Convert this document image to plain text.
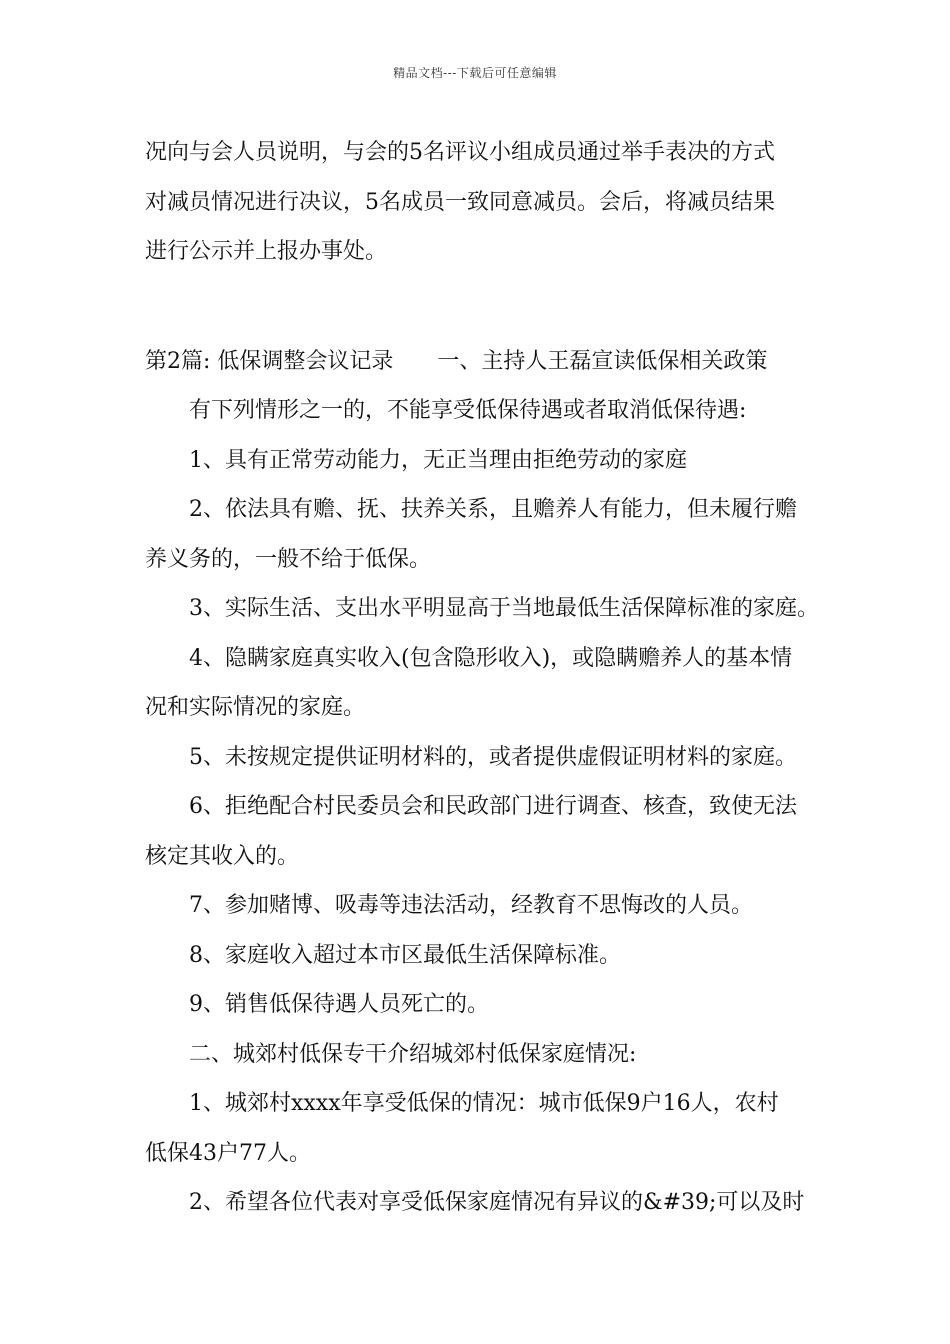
精品文档---下载后可任意编辑

况向与会人员说明，与会的5名评议小组成员通过举手表决的方式

对减员情况进行决议，5名成员一致同意减员。会后，将减员结果

进行公示并上报办事处。

第2篇: 低保调整会议记录 一、主持人王磊宣读低保相关政策

有下列情形之一的，不能享受低保待遇或者取消低保待遇:

1、具有正常劳动能力，无正当理由拒绝劳动的家庭

2、依法具有赡、抚、扶养关系，且赡养人有能力，但未履行赡

养义务的，一般不给于低保。

3、实际生活、支出水平明显高于当地最低生活保障标准的家庭。

4、隐瞒家庭真实收入(包含隐形收入)，或隐瞒赡养人的基本情

况和实际情况的家庭。

5、未按规定提供证明材料的，或者提供虚假证明材料的家庭。

6、拒绝配合村民委员会和民政部门进行调查、核查，致使无法

核定其收入的。

7、参加赌博、吸毒等违法活动，经教育不思悔改的人员。

8、家庭收入超过本市区最低生活保障标准。

9、销售低保待遇人员死亡的。

二、城郊村低保专干介绍城郊村低保家庭情况:

1、城郊村xxxx年享受低保的情况：城市低保9户16人，农村

低保43户77人。

2、希望各位代表对享受低保家庭情况有异议的&#39;可以及时
